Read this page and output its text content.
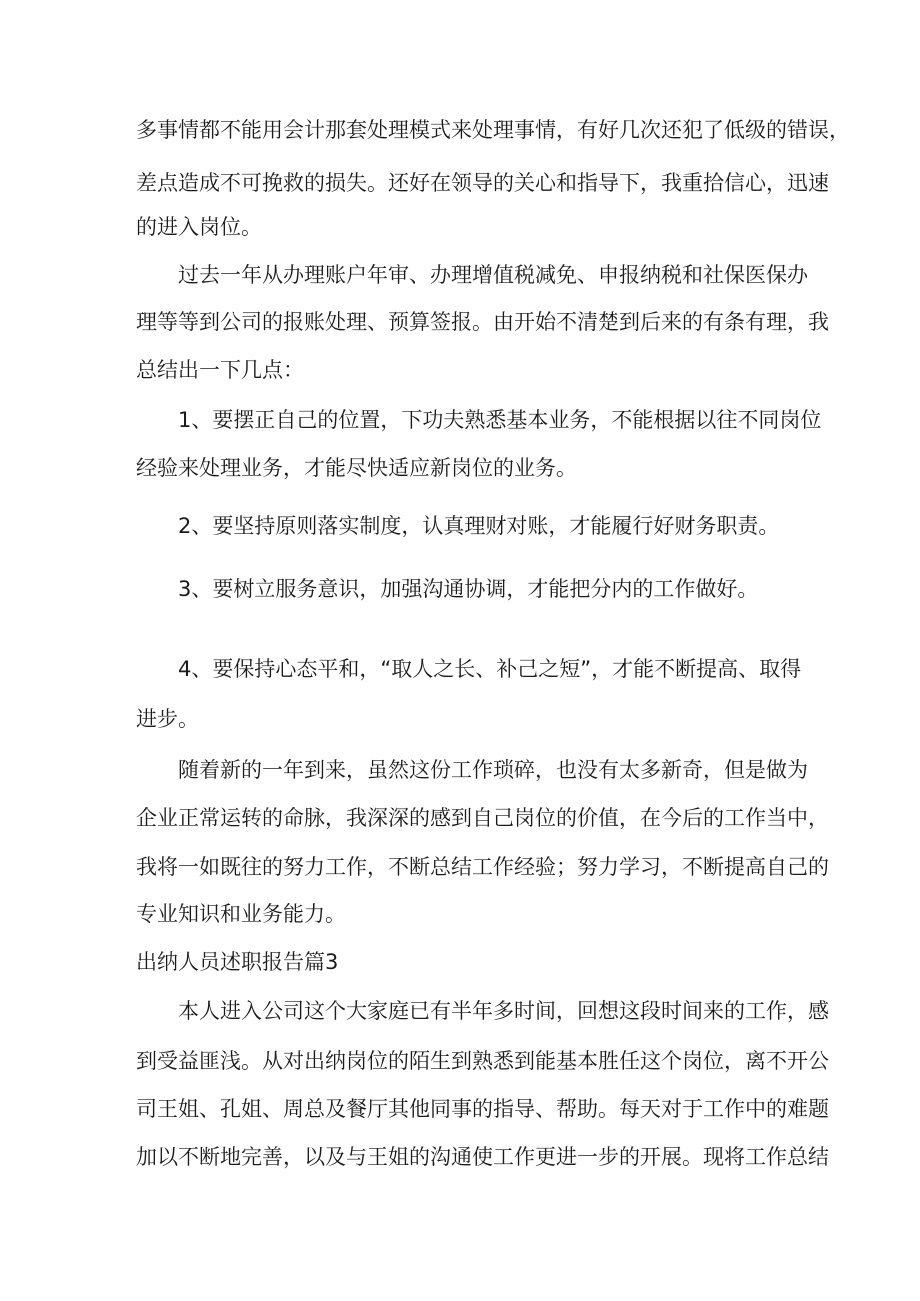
多事情都不能用会计那套处理模式来处理事情，有好几次还犯了低级的错误，

差点造成不可挽救的损失。还好在领导的关心和指导下，我重拾信心，迅速

的进入岗位。

过去一年从办理账户年审、办理增值税减免、申报纳税和社保医保办

理等等到公司的报账处理、预算签报。由开始不清楚到后来的有条有理，我

总结出一下几点：

1、要摆正自己的位置，下功夫熟悉基本业务，不能根据以往不同岗位

经验来处理业务，才能尽快适应新岗位的业务。

2、要坚持原则落实制度，认真理财对账，才能履行好财务职责。

3、要树立服务意识，加强沟通协调，才能把分内的工作做好。

4、要保持心态平和，“取人之长、补己之短”，才能不断提高、取得

进步。

随着新的一年到来，虽然这份工作琐碎，也没有太多新奇，但是做为

企业正常运转的命脉，我深深的感到自己岗位的价值，在今后的工作当中，

我将一如既往的努力工作，不断总结工作经验；努力学习，不断提高自己的

专业知识和业务能力。

出纳人员述职报告篇3

本人进入公司这个大家庭已有半年多时间，回想这段时间来的工作，感

到受益匪浅。从对出纳岗位的陌生到熟悉到能基本胜任这个岗位，离不开公

司王姐、孔姐、周总及餐厅其他同事的指导、帮助。每天对于工作中的难题

加以不断地完善，以及与王姐的沟通使工作更进一步的开展。现将工作总结
